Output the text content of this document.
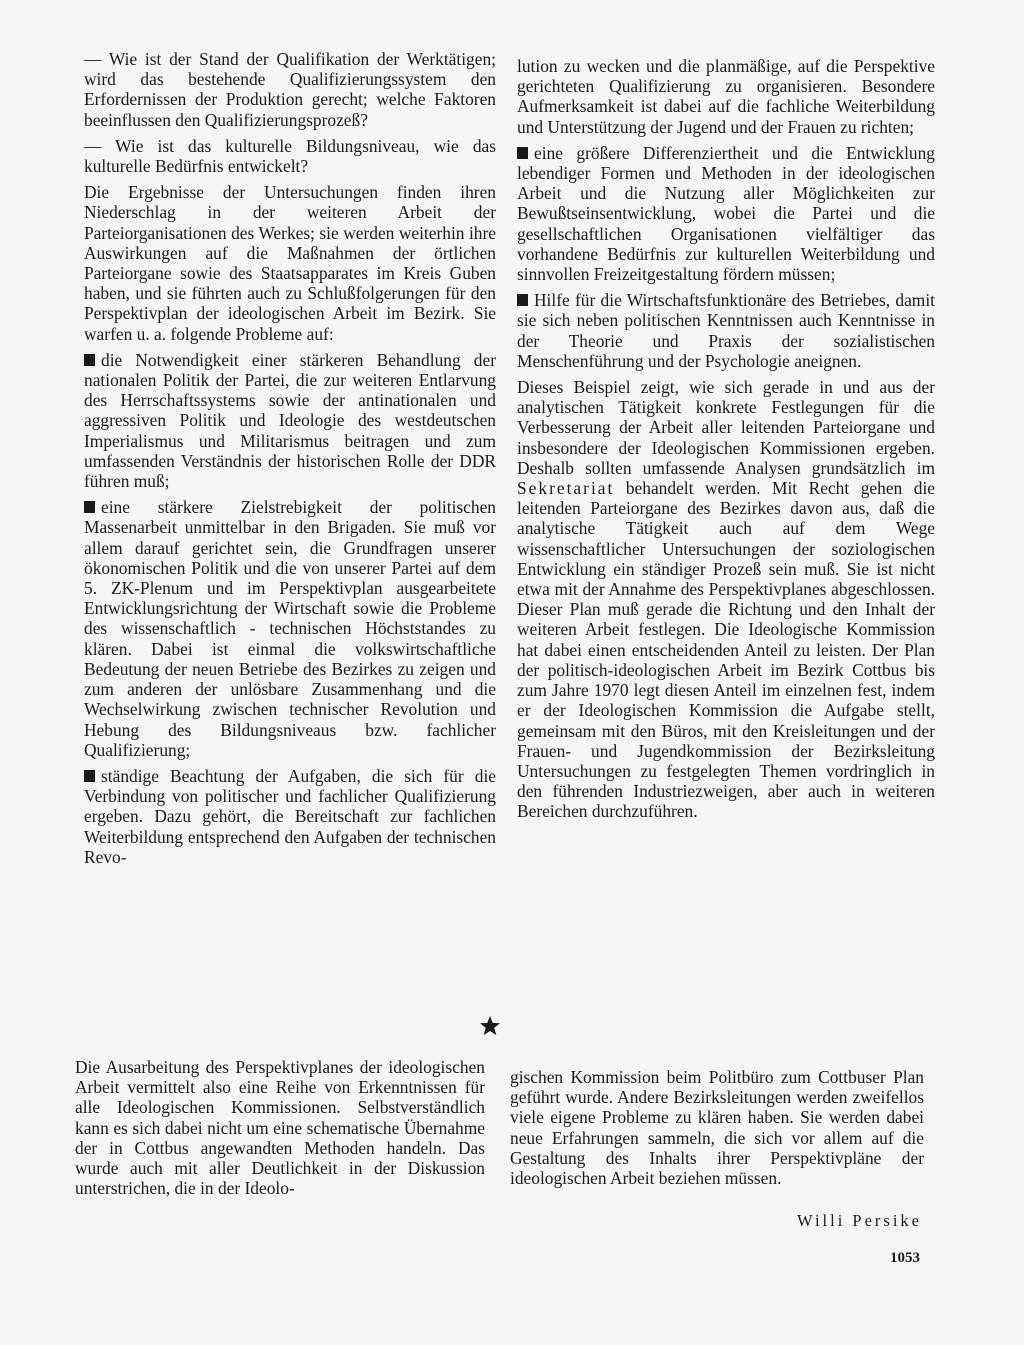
— Wie ist der Stand der Qualifikation der Werktätigen; wird das bestehende Qualifizierungssystem den Erfordernissen der Produktion gerecht; welche Faktoren beeinflussen den Qualifizierungsprozeß?

— Wie ist das kulturelle Bildungsniveau, wie das kulturelle Bedürfnis entwickelt?

Die Ergebnisse der Untersuchungen finden ihren Niederschlag in der weiteren Arbeit der Parteiorganisationen des Werkes; sie werden weiterhin ihre Auswirkungen auf die Maßnahmen der örtlichen Parteiorgane sowie des Staatsapparates im Kreis Guben haben, und sie führten auch zu Schlußfolgerungen für den Perspektivplan der ideologischen Arbeit im Bezirk. Sie warfen u. a. folgende Probleme auf:

die Notwendigkeit einer stärkeren Behandlung der nationalen Politik der Partei, die zur weiteren Entlarvung des Herrschaftssystems sowie der antinationalen und aggressiven Politik und Ideologie des westdeutschen Imperialismus und Militarismus beitragen und zum umfassenden Verständnis der historischen Rolle der DDR führen muß;

eine stärkere Zielstrebigkeit der politischen Massenarbeit unmittelbar in den Brigaden. Sie muß vor allem darauf gerichtet sein, die Grundfragen unserer ökonomischen Politik und die von unserer Partei auf dem 5. ZK-Plenum und im Perspektivplan ausgearbeitete Entwicklungsrichtung der Wirtschaft sowie die Probleme des wissenschaftlich - technischen Höchststandes zu klären. Dabei ist einmal die volkswirtschaftliche Bedeutung der neuen Betriebe des Bezirkes zu zeigen und zum anderen der unlösbare Zusammenhang und die Wechselwirkung zwischen technischer Revolution und Hebung des Bildungsniveaus bzw. fachlicher Qualifizierung;

ständige Beachtung der Aufgaben, die sich für die Verbindung von politischer und fachlicher Qualifizierung ergeben. Dazu gehört, die Bereitschaft zur fachlichen Weiterbildung entsprechend den Aufgaben der technischen Revo-

lution zu wecken und die planmäßige, auf die Perspektive gerichteten Qualifizierung zu organisieren. Besondere Aufmerksamkeit ist dabei auf die fachliche Weiterbildung und Unterstützung der Jugend und der Frauen zu richten;

eine größere Differenziertheit und die Entwicklung lebendiger Formen und Methoden in der ideologischen Arbeit und die Nutzung aller Möglichkeiten zur Bewußtseinsentwicklung, wobei die Partei und die gesellschaftlichen Organisationen vielfältiger das vorhandene Bedürfnis zur kulturellen Weiterbildung und sinnvollen Freizeitgestaltung fördern müssen;

Hilfe für die Wirtschaftsfunktionäre des Betriebes, damit sie sich neben politischen Kenntnissen auch Kenntnisse in der Theorie und Praxis der sozialistischen Menschenführung und der Psychologie aneignen.

Dieses Beispiel zeigt, wie sich gerade in und aus der analytischen Tätigkeit konkrete Festlegungen für die Verbesserung der Arbeit aller leitenden Parteiorgane und insbesondere der Ideologischen Kommissionen ergeben. Deshalb sollten umfassende Analysen grundsätzlich im Sekretariat behandelt werden. Mit Recht gehen die leitenden Parteiorgane des Bezirkes davon aus, daß die analytische Tätigkeit auch auf dem Wege wissenschaftlicher Untersuchungen der soziologischen Entwicklung ein ständiger Prozeß sein muß. Sie ist nicht etwa mit der Annahme des Perspektivplanes abgeschlossen. Dieser Plan muß gerade die Richtung und den Inhalt der weiteren Arbeit festlegen. Die Ideologische Kommission hat dabei einen entscheidenden Anteil zu leisten. Der Plan der politisch-ideologischen Arbeit im Bezirk Cottbus bis zum Jahre 1970 legt diesen Anteil im einzelnen fest, indem er der Ideologischen Kommission die Aufgabe stellt, gemeinsam mit den Büros, mit den Kreisleitungen und der Frauen- und Jugendkommission der Bezirksleitung Untersuchungen zu festgelegten Themen vordringlich in den führenden Industriezweigen, aber auch in weiteren Bereichen durchzuführen.

Die Ausarbeitung des Perspektivplanes der ideologischen Arbeit vermittelt also eine Reihe von Erkenntnissen für alle Ideologischen Kommissionen. Selbstverständlich kann es sich dabei nicht um eine schematische Übernahme der in Cottbus angewandten Methoden handeln. Das wurde auch mit aller Deutlichkeit in der Diskussion unterstrichen, die in der Ideolo-

gischen Kommission beim Politbüro zum Cottbuser Plan geführt wurde. Andere Bezirksleitungen werden zweifellos viele eigene Probleme zu klären haben. Sie werden dabei neue Erfahrungen sammeln, die sich vor allem auf die Gestaltung des Inhalts ihrer Perspektivpläne der ideologischen Arbeit beziehen müssen.

Willi Persike
1053
